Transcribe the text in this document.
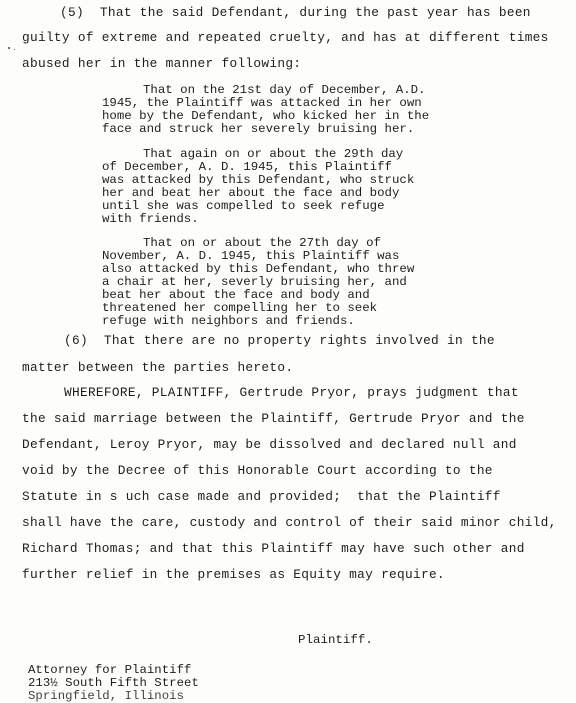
(5)  That the said Defendant, during the past year has been
guilty of extreme and repeated cruelty, and has at different times
abused her in the manner following:
That on the 21st day of December, A.D.
1945, the Plaintiff was attacked in her own
home by the Defendant, who kicked her in the
face and struck her severely bruising her.
That again on or about the 29th day
of December, A. D. 1945, this Plaintiff
was attacked by this Defendant, who struck
her and beat her about the face and body
until she was compelled to seek refuge
with friends.
That on or about the 27th day of
November, A. D. 1945, this Plaintiff was
also attacked by this Defendant, who threw
a chair at her, severly bruising her, and
beat her about the face and body and
threatened her compelling her to seek
refuge with neighbors and friends.
(6)  That there are no property rights involved in the
matter between the parties hereto.
WHEREFORE, PLAINTIFF, Gertrude Pryor, prays judgment that
the said marriage between the Plaintiff, Gertrude Pryor and the
Defendant, Leroy Pryor, may be dissolved and declared null and
void by the Decree of this Honorable Court according to the
Statute in s uch case made and provided;  that the Plaintiff
shall have the care, custody and control of their said minor child,
Richard Thomas; and that this Plaintiff may have such other and
further relief in the premises as Equity may require.
Plaintiff.
Attorney for Plaintiff
213½ South Fifth Street
Springfield, Illinois
